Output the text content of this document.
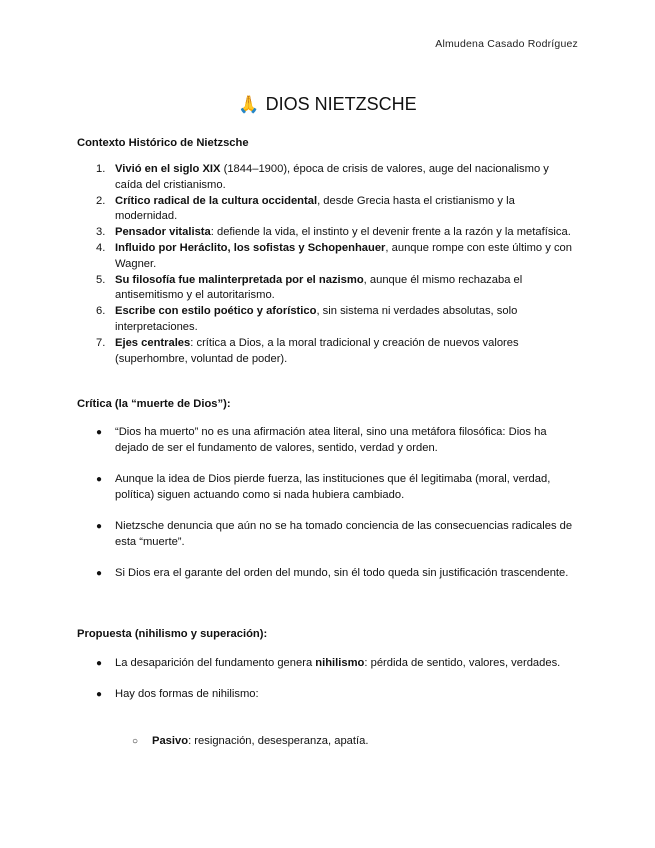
Almudena Casado Rodríguez
🙏 DIOS NIETZSCHE
Contexto Histórico de Nietzsche
1. Vivió en el siglo XIX (1844–1900), época de crisis de valores, auge del nacionalismo y caída del cristianismo.
2. Crítico radical de la cultura occidental, desde Grecia hasta el cristianismo y la modernidad.
3. Pensador vitalista: defiende la vida, el instinto y el devenir frente a la razón y la metafísica.
4. Influido por Heráclito, los sofistas y Schopenhauer, aunque rompe con este último y con Wagner.
5. Su filosofía fue malinterpretada por el nazismo, aunque él mismo rechazaba el antisemitismo y el autoritarismo.
6. Escribe con estilo poético y aforístico, sin sistema ni verdades absolutas, solo interpretaciones.
7. Ejes centrales: crítica a Dios, a la moral tradicional y creación de nuevos valores (superhombre, voluntad de poder).
Crítica (la “muerte de Dios”):
● “Dios ha muerto” no es una afirmación atea literal, sino una metáfora filosófica: Dios ha dejado de ser el fundamento de valores, sentido, verdad y orden.
● Aunque la idea de Dios pierde fuerza, las instituciones que él legitimaba (moral, verdad, política) siguen actuando como si nada hubiera cambiado.
● Nietzsche denuncia que aún no se ha tomado conciencia de las consecuencias radicales de esta “muerte”.
● Si Dios era el garante del orden del mundo, sin él todo queda sin justificación trascendente.
Propuesta (nihilismo y superación):
● La desaparición del fundamento genera nihilismo: pérdida de sentido, valores, verdades.
● Hay dos formas de nihilismo:
○ Pasivo: resignación, desesperanza, apatía.
